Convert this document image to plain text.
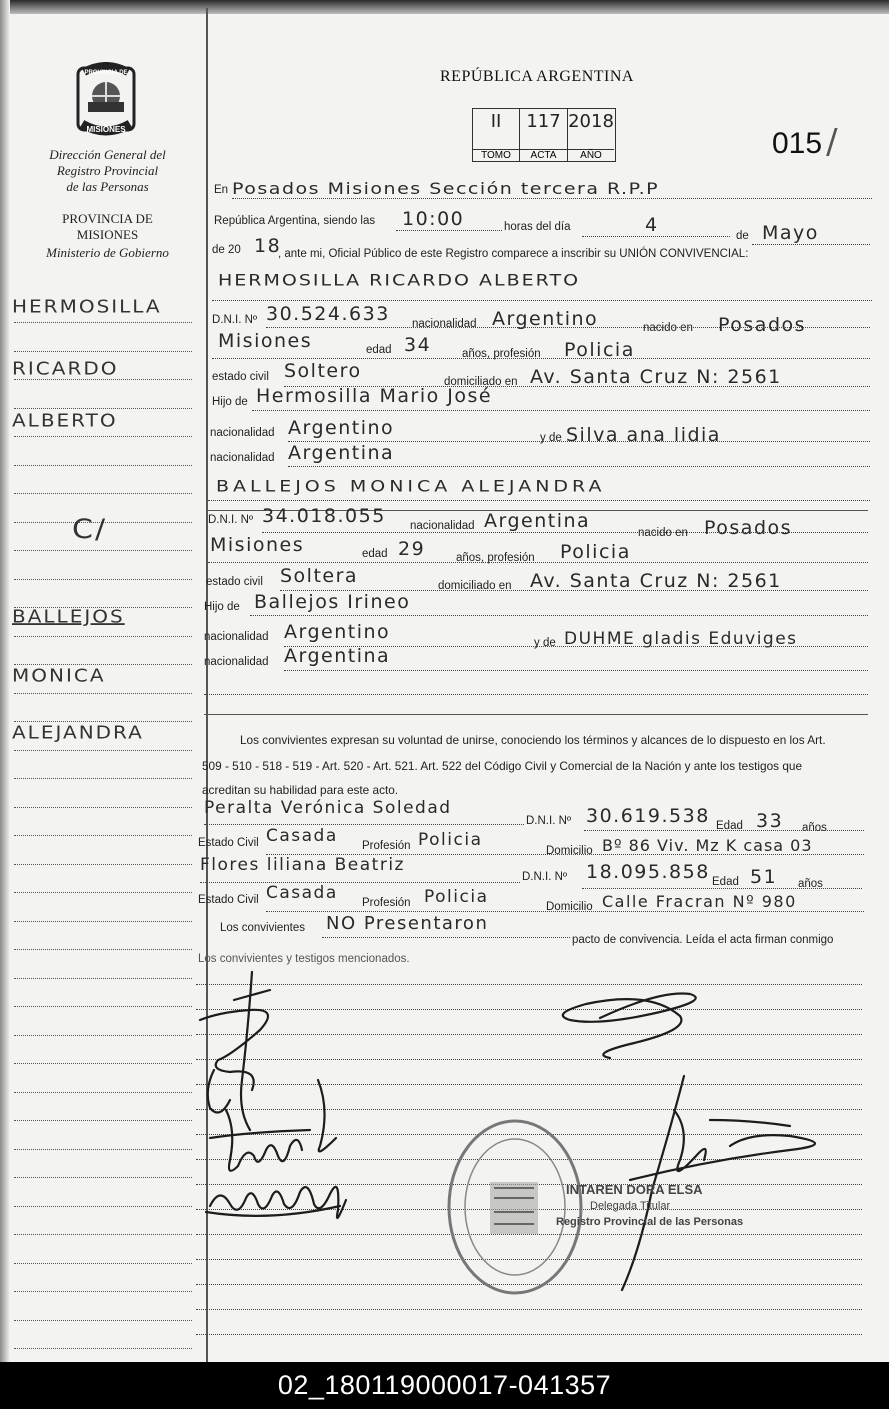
PROVINCIA DE
MISIONES
Dirección General del
Registro Provincial
de las Personas
PROVINCIA DE
MISIONES
Ministerio de Gobierno
HERMOSILLA
RICARDO
ALBERTO
C/
BALLEJOS
MONICA
ALEJANDRA
REPÚBLICA ARGENTINA
II
TOMO
117
ACTA
2018
AÑO	015 /
En Posados Misiones Sección tercera R.P.P
República Argentina, siendo las 10:00	horas del día	4	de Mayo
de 20 18
, ante mi, Oficial Público de este Registro comparece a inscribir su UNIÓN CONVIVENCIAL:
HERMOSILLA RICARDO ALBERTO
D.N.I. Nº 30.524.633 nacionalidad Argentino	nacido en Posados
Misiones	edad 34	años, profesión Policia
estado civil Soltero	domiciliado en Av. Santa Cruz N: 2561
Hijo de Hermosilla Mario José
nacionalidad Argentino	y de Silva ana lidia
nacionalidad Argentina
BALLEJOS MONICA ALEJANDRA
D.N.I. Nº 34.018.055 nacionalidad Argentina
nacido en Posados
Misiones	edad 29	años, profesión Policia
estado civil Soltera	domiciliado en Av. Santa Cruz N: 2561
Hijo de Ballejos Irineo
nacionalidad Argentino	y de DUHME gladis Eduviges
nacionalidad Argentina
Los convivientes expresan su voluntad de unirse, conociendo los términos y alcances de lo dispuesto en los Art.
509 - 510 - 518 - 519 - Art. 520 - Art. 521. Art. 522 del Código Civil y Comercial de la Nación y ante los testigos que
acreditan su habilidad para este acto.
Peralta Verónica Soledad
D.N.I. Nº 30.619.538 Edad 33 años
Estado Civil Casada Profesión Policia
Domicilio Bº 86 Viv. Mz K casa 03
Flores liliana Beatriz
D.N.I. Nº 18.095.858 Edad 51 años
Estado Civil Casada Profesión Policia	Domicilio Calle Fracran Nº 980
Los convivientes NO Presentaron
pacto de convivencia. Leída el acta firman conmigo
Los convivientes y testigos mencionados.
INTAREN DORA ELSA
Delegada Titular
Registro Provincial de las Personas
02_180119000017-041357
